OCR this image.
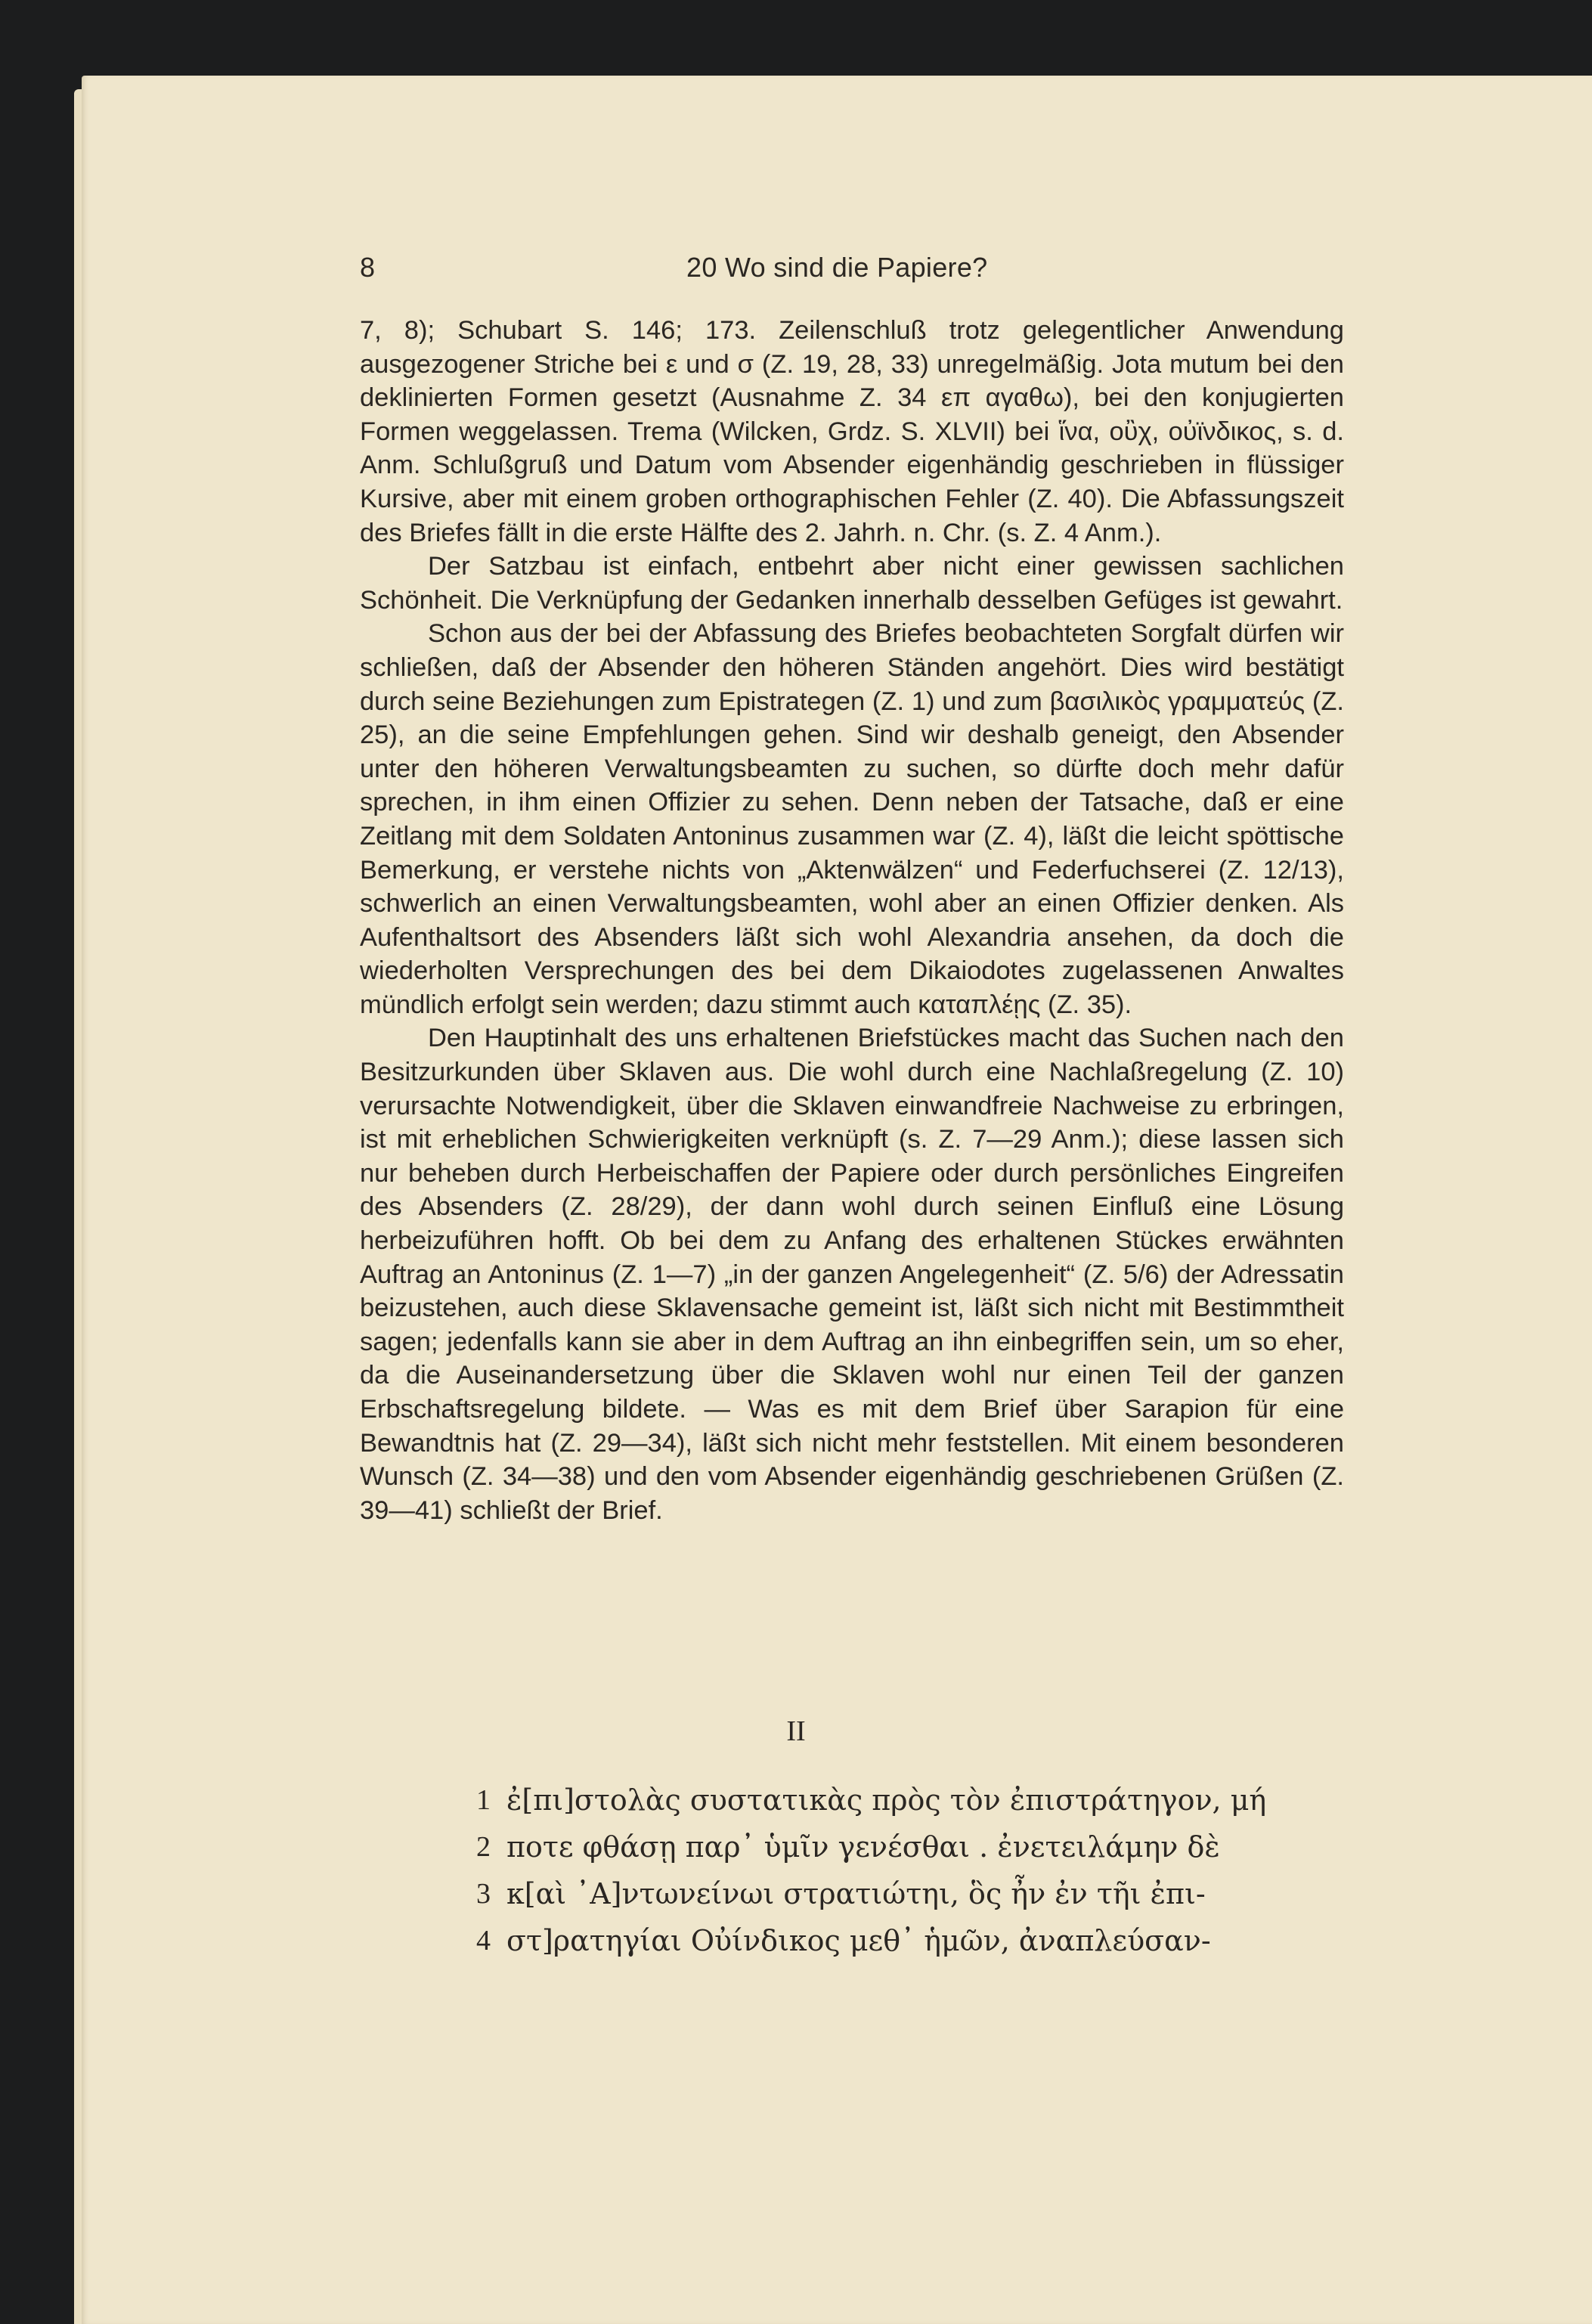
8	20 Wo sind die Papiere?

7, 8); Schubart S. 146; 173. Zeilenschluß trotz gelegentlicher Anwendung ausgezogener Striche bei ε und σ (Z. 19, 28, 33) unregelmäßig. Jota mutum bei den deklinierten Formen gesetzt (Ausnahme Z. 34 επ αγαθω), bei den konjugierten Formen weggelassen. Trema (Wilcken, Grdz. S. XLVII) bei ἵνα, οὒχ, οὐϊνδικος, s. d. Anm. Schlußgruß und Datum vom Absender eigenhändig geschrieben in flüssiger Kursive, aber mit einem groben orthographischen Fehler (Z. 40). Die Abfassungszeit des Briefes fällt in die erste Hälfte des 2. Jahrh. n. Chr. (s. Z. 4 Anm.).

Der Satzbau ist einfach, entbehrt aber nicht einer gewissen sachlichen Schönheit. Die Verknüpfung der Gedanken innerhalb desselben Gefüges ist gewahrt.

Schon aus der bei der Abfassung des Briefes beobachteten Sorgfalt dürfen wir schließen, daß der Absender den höheren Ständen angehört. Dies wird bestätigt durch seine Beziehungen zum Epistrategen (Z. 1) und zum βασιλικὸς γραμματεύς (Z. 25), an die seine Empfehlungen gehen. Sind wir deshalb geneigt, den Absender unter den höheren Verwaltungsbeamten zu suchen, so dürfte doch mehr dafür sprechen, in ihm einen Offizier zu sehen. Denn neben der Tatsache, daß er eine Zeitlang mit dem Soldaten Antoninus zusammen war (Z. 4), läßt die leicht spöttische Bemerkung, er verstehe nichts von „Aktenwälzen“ und Federfuchserei (Z. 12/13), schwerlich an einen Verwaltungsbeamten, wohl aber an einen Offizier denken. Als Aufenthaltsort des Absenders läßt sich wohl Alexandria ansehen, da doch die wiederholten Versprechungen des bei dem Dikaiodotes zugelassenen Anwaltes mündlich erfolgt sein werden; dazu stimmt auch καταπλέῃς (Z. 35).

Den Hauptinhalt des uns erhaltenen Briefstückes macht das Suchen nach den Besitzurkunden über Sklaven aus. Die wohl durch eine Nachlaßregelung (Z. 10) verursachte Notwendigkeit, über die Sklaven einwandfreie Nachweise zu erbringen, ist mit erheblichen Schwierigkeiten verknüpft (s. Z. 7—29 Anm.); diese lassen sich nur beheben durch Herbeischaffen der Papiere oder durch persönliches Eingreifen des Absenders (Z. 28/29), der dann wohl durch seinen Einfluß eine Lösung herbeizuführen hofft. Ob bei dem zu Anfang des erhaltenen Stückes erwähnten Auftrag an Antoninus (Z. 1—7) „in der ganzen Angelegenheit“ (Z. 5/6) der Adressatin beizustehen, auch diese Sklavensache gemeint ist, läßt sich nicht mit Bestimmtheit sagen; jedenfalls kann sie aber in dem Auftrag an ihn einbegriffen sein, um so eher, da die Auseinandersetzung über die Sklaven wohl nur einen Teil der ganzen Erbschaftsregelung bildete. — Was es mit dem Brief über Sarapion für eine Bewandtnis hat (Z. 29—34), läßt sich nicht mehr feststellen. Mit einem besonderen Wunsch (Z. 34—38) und den vom Absender eigenhändig geschriebenen Grüßen (Z. 39—41) schließt der Brief.

II
1 ἐ[πι]στολὰς συστατικὰς πρὸς τὸν ἐπιστράτηγον, μή
2 ποτε φθάσῃ παρ᾽ ὑμῖν γενέσθαι . ἐνετειλάμην δὲ
3 κ[αὶ ᾿Α]ντωνείνωι στρατιώτηι, ὃς ἦν ἐν τῆι ἐπι-
4 στ]ρατηγίαι Οὐίνδικος μεθ᾽ ἡμῶν, ἀναπλεύσαν-
